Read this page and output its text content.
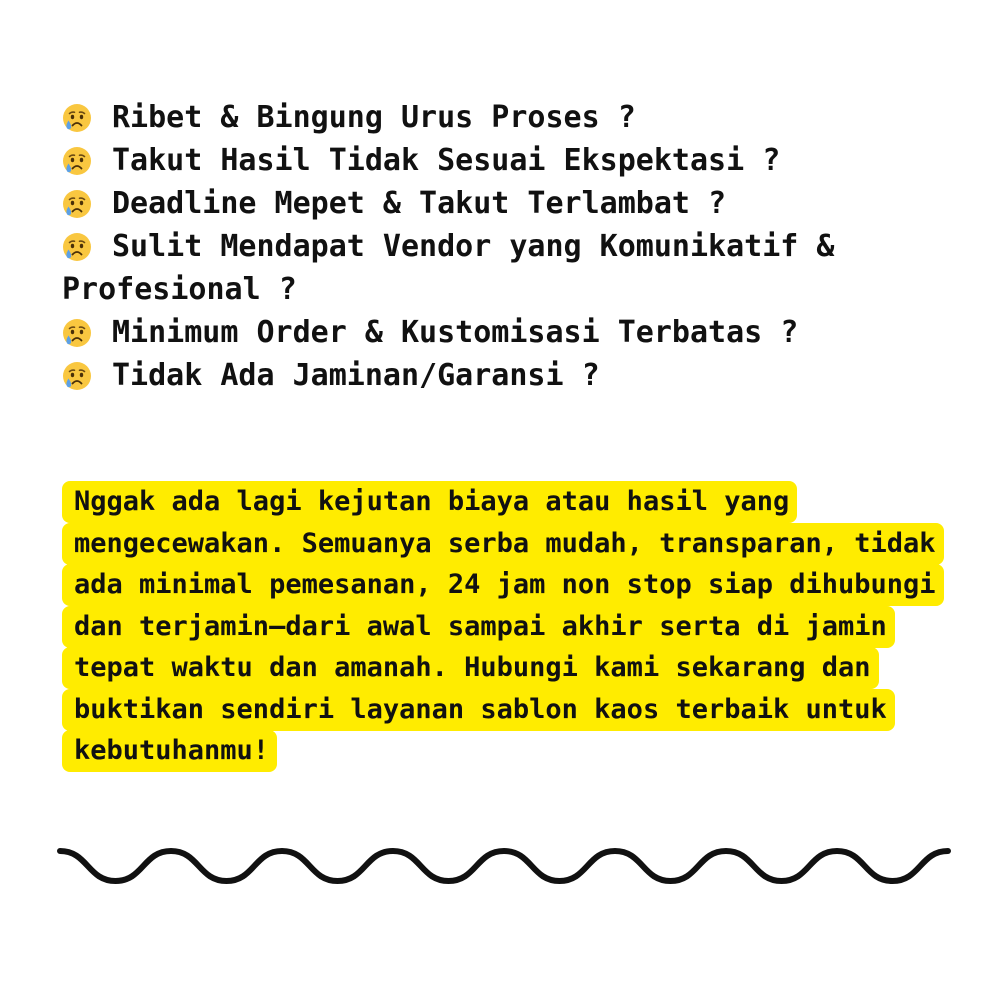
Ribet & Bingung Urus Proses ?
Takut Hasil Tidak Sesuai Ekspektasi ?
Deadline Mepet & Takut Terlambat ?
Sulit Mendapat Vendor yang Komunikatif & Profesional ?
Minimum Order & Kustomisasi Terbatas ?
Tidak Ada Jaminan/Garansi ?
Nggak ada lagi kejutan biaya atau hasil yang mengecewakan. Semuanya serba mudah, transparan, tidak ada minimal pemesanan, 24 jam non stop siap dihubungi dan terjamin—dari awal sampai akhir serta di jamin tepat waktu dan amanah. Hubungi kami sekarang dan buktikan sendiri layanan sablon kaos terbaik untuk kebutuhanmu!
